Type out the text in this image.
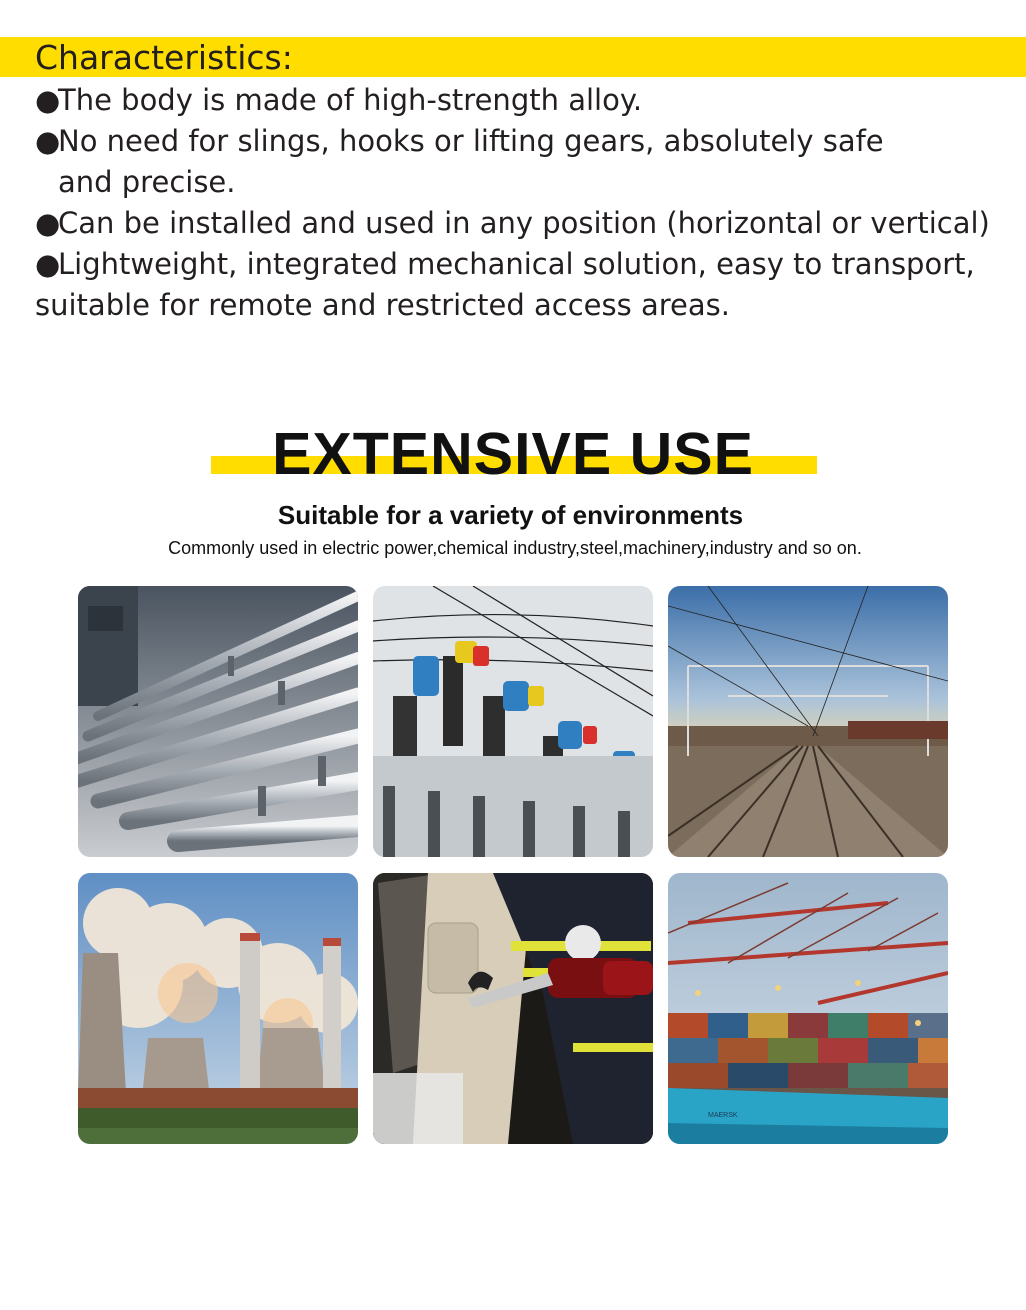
Characteristics:
●The body is made of high-strength alloy.
●No need for slings, hooks or lifting gears, absolutely safe
and precise.
●Can be installed and used in any position (horizontal or vertical)
●Lightweight, integrated mechanical solution, easy to transport,
suitable for remote and restricted access areas.
EXTENSIVE USE
Suitable for a variety of environments
Commonly used in electric power,chemical industry,steel,machinery,industry and so on.
MAERSK
